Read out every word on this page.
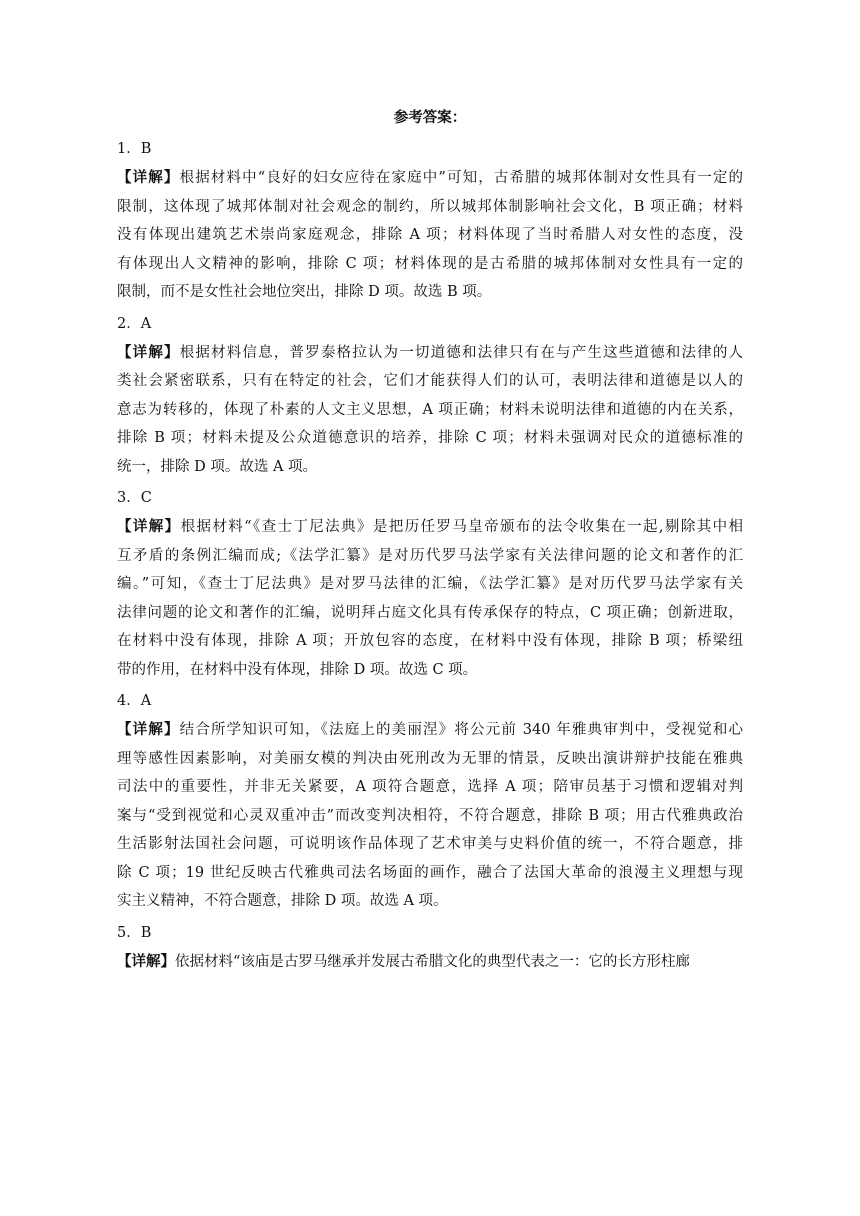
参考答案：
1．B
【详解】根据材料中“良好的妇女应待在家庭中”可知，古希腊的城邦体制对女性具有一定的
限制，这体现了城邦体制对社会观念的制约，所以城邦体制影响社会文化，B 项正确；材料
没有体现出建筑艺术崇尚家庭观念，排除 A 项；材料体现了当时希腊人对女性的态度，没
有体现出人文精神的影响，排除 C 项；材料体现的是古希腊的城邦体制对女性具有一定的
限制，而不是女性社会地位突出，排除 D 项。故选 B 项。
2．A
【详解】根据材料信息，普罗泰格拉认为一切道德和法律只有在与产生这些道德和法律的人
类社会紧密联系，只有在特定的社会，它们才能获得人们的认可，表明法律和道德是以人的
意志为转移的，体现了朴素的人文主义思想，A 项正确；材料未说明法律和道德的内在关系，
排除 B 项；材料未提及公众道德意识的培养，排除 C 项；材料未强调对民众的道德标准的
统一，排除 D 项。故选 A 项。
3．C
【详解】根据材料“《查士丁尼法典》是把历任罗马皇帝颁布的法令收集在一起,剔除其中相
互矛盾的条例汇编而成;《法学汇纂》是对历代罗马法学家有关法律问题的论文和著作的汇
编。”可知，《查士丁尼法典》是对罗马法律的汇编，《法学汇纂》是对历代罗马法学家有关
法律问题的论文和著作的汇编，说明拜占庭文化具有传承保存的特点，C 项正确；创新进取，
在材料中没有体现，排除 A 项；开放包容的态度，在材料中没有体现，排除 B 项；桥梁纽
带的作用，在材料中没有体现，排除 D 项。故选 C 项。
4．A
【详解】结合所学知识可知，《法庭上的美丽涅》将公元前 340 年雅典审判中，受视觉和心
理等感性因素影响，对美丽女模的判决由死刑改为无罪的情景，反映出演讲辩护技能在雅典
司法中的重要性，并非无关紧要，A 项符合题意，选择 A 项；陪审员基于习惯和逻辑对判
案与“受到视觉和心灵双重冲击”而改变判决相符，不符合题意，排除 B 项；用古代雅典政治
生活影射法国社会问题，可说明该作品体现了艺术审美与史料价值的统一，不符合题意，排
除 C 项；19 世纪反映古代雅典司法名场面的画作，融合了法国大革命的浪漫主义理想与现
实主义精神，不符合题意，排除 D 项。故选 A 项。
5．B
【详解】依据材料“该庙是古罗马继承并发展古希腊文化的典型代表之一：它的长方形柱廊
